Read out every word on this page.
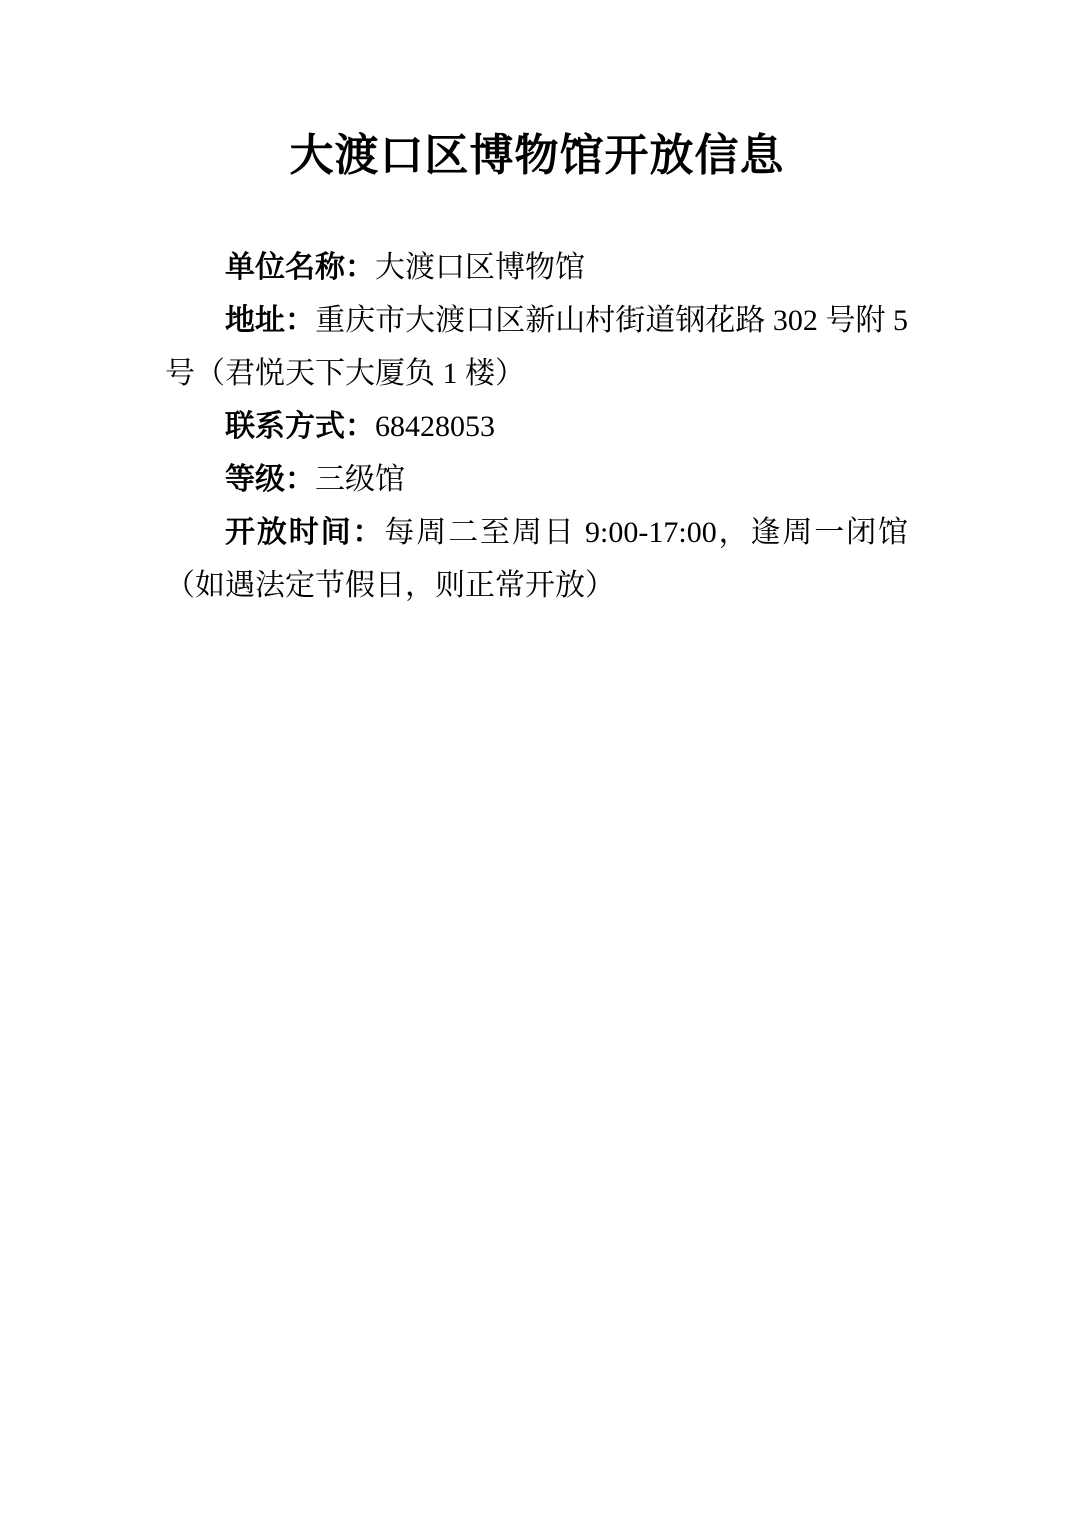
大渡口区博物馆开放信息

单位名称：大渡口区博物馆

地址：重庆市大渡口区新山村街道钢花路 302 号附 5 号（君悦天下大厦负 1 楼）

联系方式：68428053

等级：三级馆

开放时间：每周二至周日 9:00-17:00，逢周一闭馆（如遇法定节假日，则正常开放）
